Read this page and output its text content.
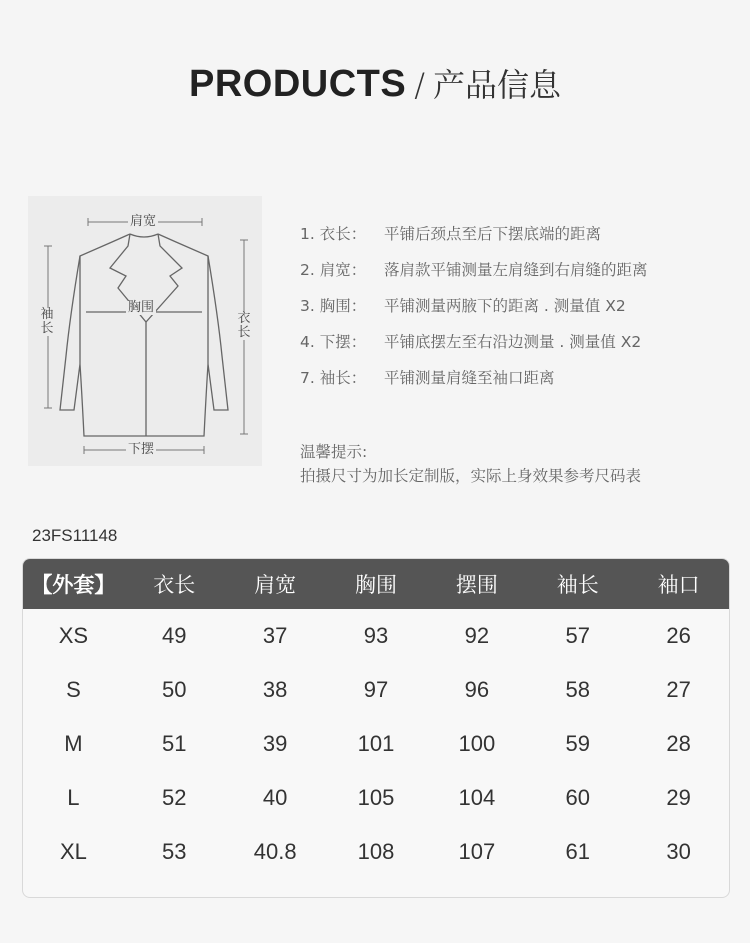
PRODUCTS / 产品信息
肩宽
胸围
袖长
衣长
下摆
1. 衣长： 平铺后颈点至后下摆底端的距离
2. 肩宽： 落肩款平铺测量左肩缝到右肩缝的距离
3. 胸围： 平铺测量两腋下的距离 . 测量值 X2
4. 下摆： 平铺底摆左至右沿边测量 . 测量值 X2
7. 袖长： 平铺测量肩缝至袖口距离
温馨提示:
拍摄尺寸为加长定制版，实际上身效果参考尺码表
23FS11148
【外套】	衣长	肩宽	胸围	摆围	袖长	袖口
XS	49	37	93	92	57	26
S	50	38	97	96	58	27
M	51	39	101	100	59	28
L	52	40	105	104	60	29
XL	53	40.8	108	107	61	30
